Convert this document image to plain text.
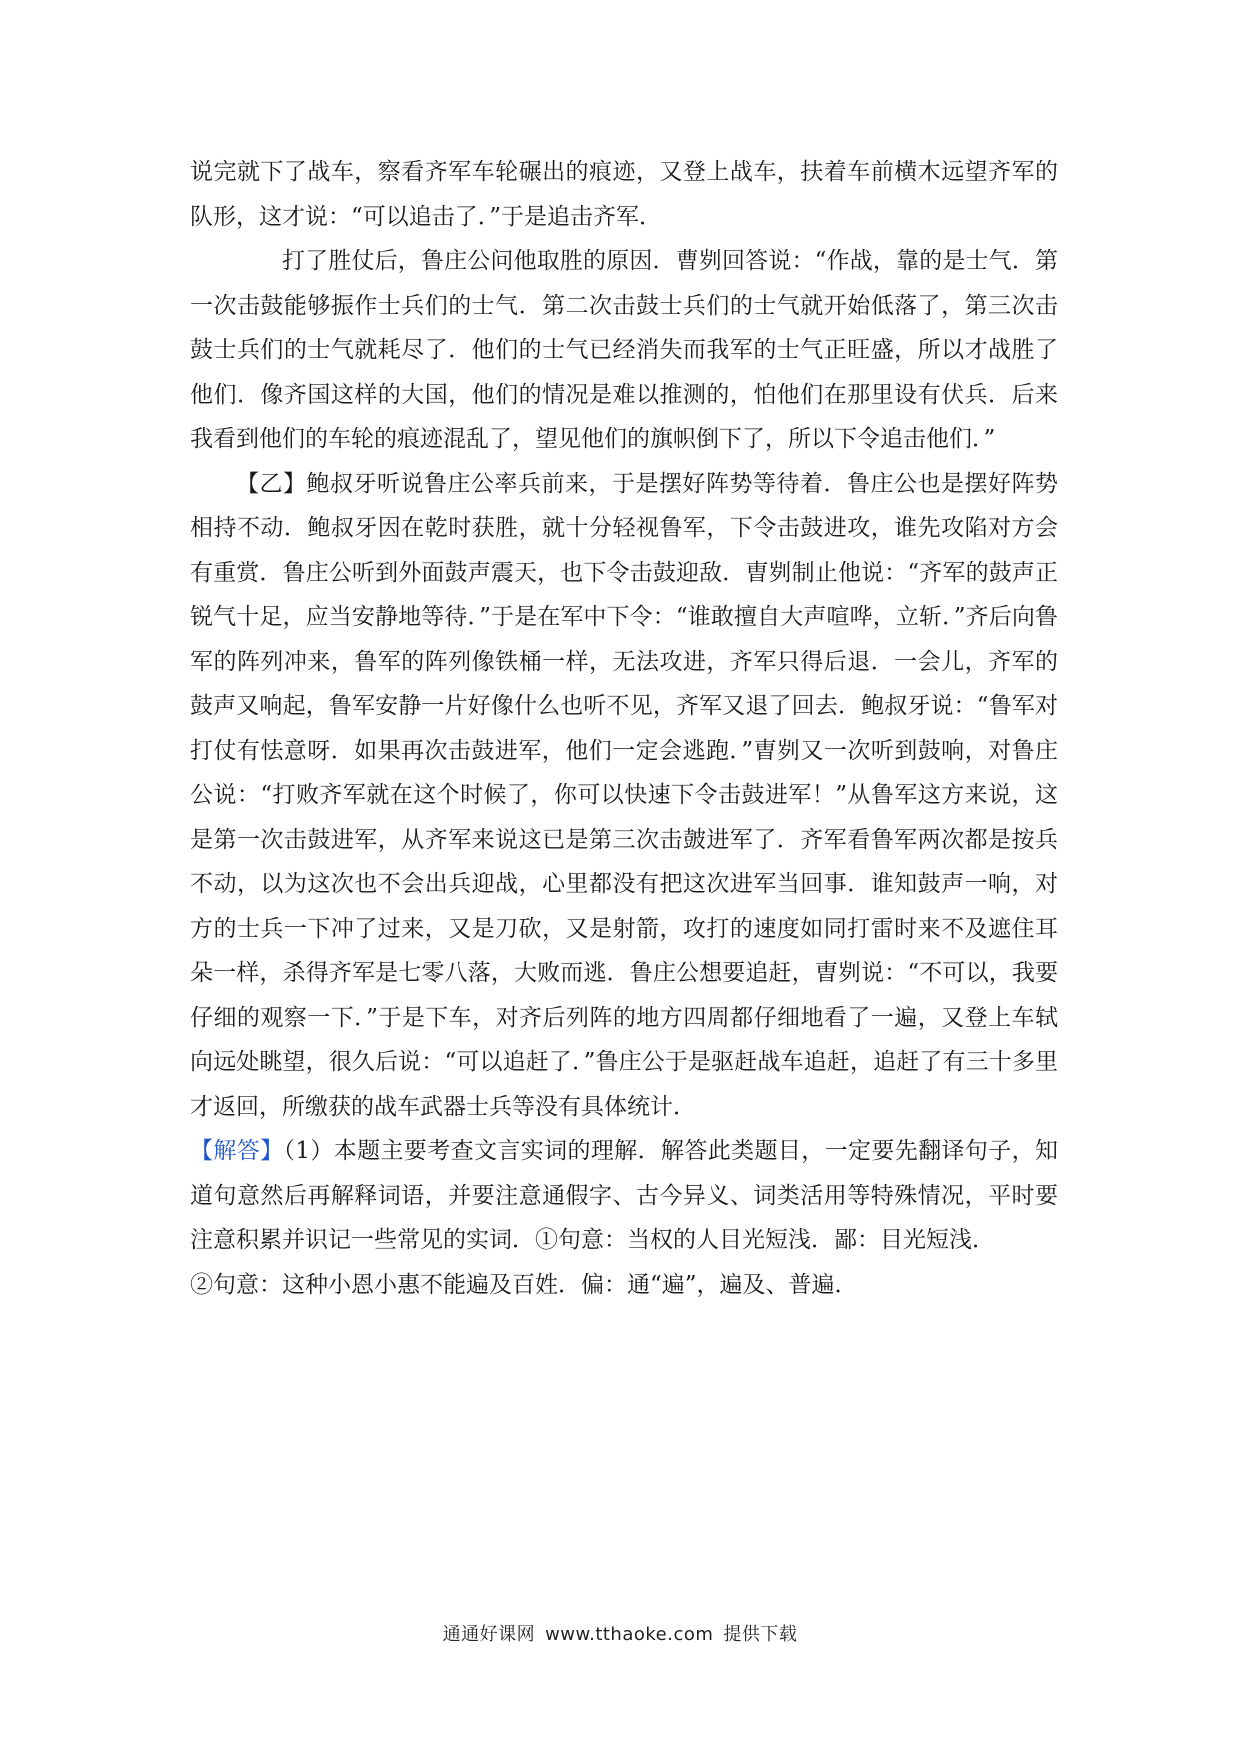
说完就下了战车，察看齐军车轮碾出的痕迹，又登上战车，扶着车前横木远望齐军的队形，这才说：“可以追击了．”于是追击齐军．

打了胜仗后，鲁庄公问他取胜的原因．曹刿回答说：“作战，靠的是士气．第一次击鼓能够振作士兵们的士气．第二次击鼓士兵们的士气就开始低落了，第三次击鼓士兵们的士气就耗尽了．他们的士气已经消失而我军的士气正旺盛，所以才战胜了他们．像齐国这样的大国，他们的情况是难以推测的，怕他们在那里设有伏兵．后来我看到他们的车轮的痕迹混乱了，望见他们的旗帜倒下了，所以下令追击他们．”

【乙】鲍叔牙听说鲁庄公率兵前来，于是摆好阵势等待着．鲁庄公也是摆好阵势相持不动．鲍叔牙因在乾时获胜，就十分轻视鲁军，下令击鼓进攻，谁先攻陷对方会有重赏．鲁庄公听到外面鼓声震天，也下令击鼓迎敌．曺刿制止他说：“齐军的鼓声正锐气十足，应当安静地等待．”于是在军中下令：“谁敢擅自大声喧哗，立斩．”齐后向鲁军的阵列冲来，鲁军的阵列像铁桶一样，无法攻进，齐军只得后退．一会儿，齐军的鼓声又响起，鲁军安静一片好像什么也听不见，齐军又退了回去．鲍叔牙说：“鲁军对打仗有怯意呀．如果再次击鼓进军，他们一定会逃跑．”曺刿又一次听到鼓响，对鲁庄公说：“打败齐军就在这个时候了，你可以快速下令击鼓进军！”从鲁军这方来说，这是第一次击鼓进军，从齐军来说这已是第三次击皷进军了．齐军看鲁军两次都是按兵不动，以为这次也不会出兵迎战，心里都没有把这次进军当回事．谁知鼓声一响，对方的士兵一下冲了过来，又是刀砍，又是射箭，攻打的速度如同打雷时来不及遮住耳朵一样，杀得齐军是七零八落，大败而逃．鲁庄公想要追赶，曺刿说：“不可以，我要仔细的观察一下．”于是下车，对齐后列阵的地方四周都仔细地看了一遍，又登上车轼向远处眺望，很久后说：“可以追赶了．”鲁庄公于是驱赶战车追赶，追赶了有三十多里才返回，所缴获的战车武器士兵等没有具体统计．

【解答】（1）本题主要考查文言实词的理解．解答此类题目，一定要先翻译句子，知道句意然后再解释词语，并要注意通假字、古今异义、词类活用等特殊情况，平时要注意积累并识记一些常见的实词．①句意：当权的人目光短浅．鄙：目光短浅．

②句意：这种小恩小惠不能遍及百姓．偏：通“遍”，遍及、普遍．

通通好课网 www.tthaoke.com 提供下载
